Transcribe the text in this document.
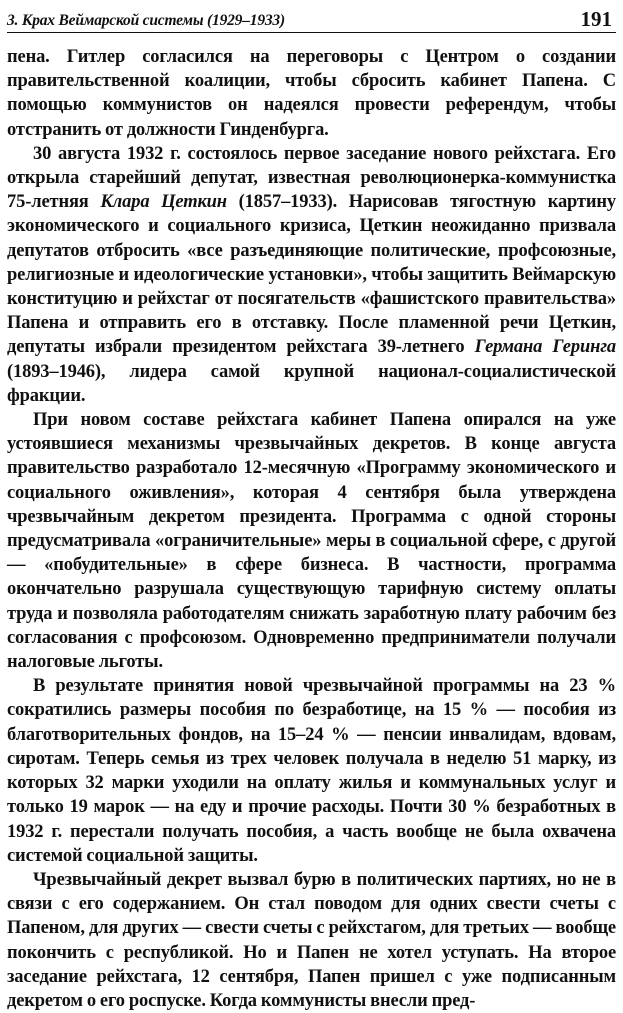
3. Крах Веймарской системы (1929–1933)	191

пена. Гитлер согласился на переговоры с Центром о создании правительственной коалиции, чтобы сбросить кабинет Папена. С помощью коммунистов он надеялся провести референдум, чтобы отстранить от должности Гинденбурга.

30 августа 1932 г. состоялось первое заседание нового рейхстага. Его открыла старейший депутат, известная революционерка-коммунистка 75-летняя Клара Цеткин (1857–1933). Нарисовав тягостную картину экономического и социального кризиса, Цеткин неожиданно призвала депутатов отбросить «все разъединяющие политические, профсоюзные, религиозные и идеологические установки», чтобы защитить Веймарскую конституцию и рейхстаг от посягательств «фашистского правительства» Папена и отправить его в отставку. После пламенной речи Цеткин, депутаты избрали президентом рейхстага 39-летнего Германа Геринга (1893–1946), лидера самой крупной национал-социалистической фракции.

При новом составе рейхстага кабинет Папена опирался на уже устоявшиеся механизмы чрезвычайных декретов. В конце августа правительство разработало 12-месячную «Программу экономического и социального оживления», которая 4 сентября была утверждена чрезвычайным декретом президента. Программа с одной стороны предусматривала «ограничительные» меры в социальной сфере, с другой — «побудительные» в сфере бизнеса. В частности, программа окончательно разрушала существующую тарифную систему оплаты труда и позволяла работодателям снижать заработную плату рабочим без согласования с профсоюзом. Одновременно предприниматели получали налоговые льготы.

В результате принятия новой чрезвычайной программы на 23 % сократились размеры пособия по безработице, на 15 % — пособия из благотворительных фондов, на 15–24 % — пенсии инвалидам, вдовам, сиротам. Теперь семья из трех человек получала в неделю 51 марку, из которых 32 марки уходили на оплату жилья и коммунальных услуг и только 19 марок — на еду и прочие расходы. Почти 30 % безработных в 1932 г. перестали получать пособия, а часть вообще не была охвачена системой социальной защиты.

Чрезвычайный декрет вызвал бурю в политических партиях, но не в связи с его содержанием. Он стал поводом для одних свести счеты с Папеном, для других — свести счеты с рейхстагом, для третьих — вообще покончить с республикой. Но и Папен не хотел уступать. На второе заседание рейхстага, 12 сентября, Папен пришел с уже подписанным декретом о его роспуске. Когда коммунисты внесли пред-
